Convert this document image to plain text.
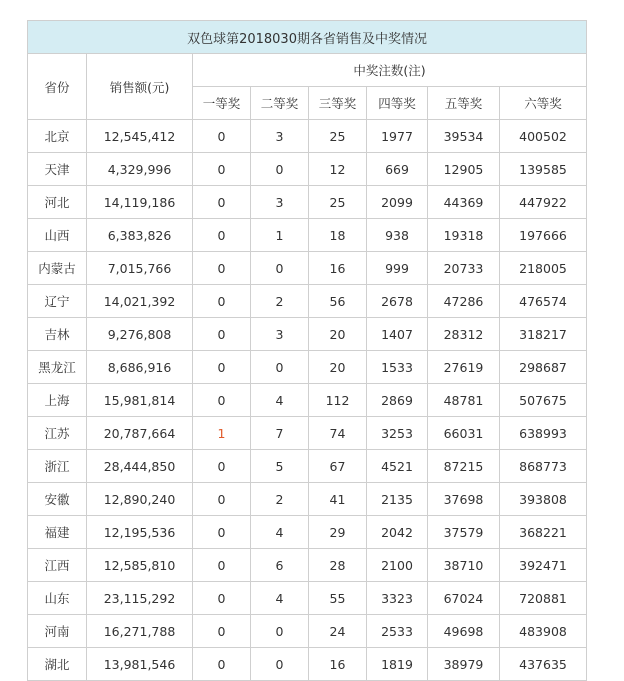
双色球第2018030期各省销售及中奖情况							
省份	销售额(元)	中奖注数(注)					
		一等奖	二等奖	三等奖	四等奖	五等奖	六等奖
北京	12,545,412	0	3	25	1977	39534	400502
天津	4,329,996	0	0	12	669	12905	139585
河北	14,119,186	0	3	25	2099	44369	447922
山西	6,383,826	0	1	18	938	19318	197666
内蒙古	7,015,766	0	0	16	999	20733	218005
辽宁	14,021,392	0	2	56	2678	47286	476574
吉林	9,276,808	0	3	20	1407	28312	318217
黑龙江	8,686,916	0	0	20	1533	27619	298687
上海	15,981,814	0	4	112	2869	48781	507675
江苏	20,787,664	1	7	74	3253	66031	638993
浙江	28,444,850	0	5	67	4521	87215	868773
安徽	12,890,240	0	2	41	2135	37698	393808
福建	12,195,536	0	4	29	2042	37579	368221
江西	12,585,810	0	6	28	2100	38710	392471
山东	23,115,292	0	4	55	3323	67024	720881
河南	16,271,788	0	0	24	2533	49698	483908
湖北	13,981,546	0	0	16	1819	38979	437635
